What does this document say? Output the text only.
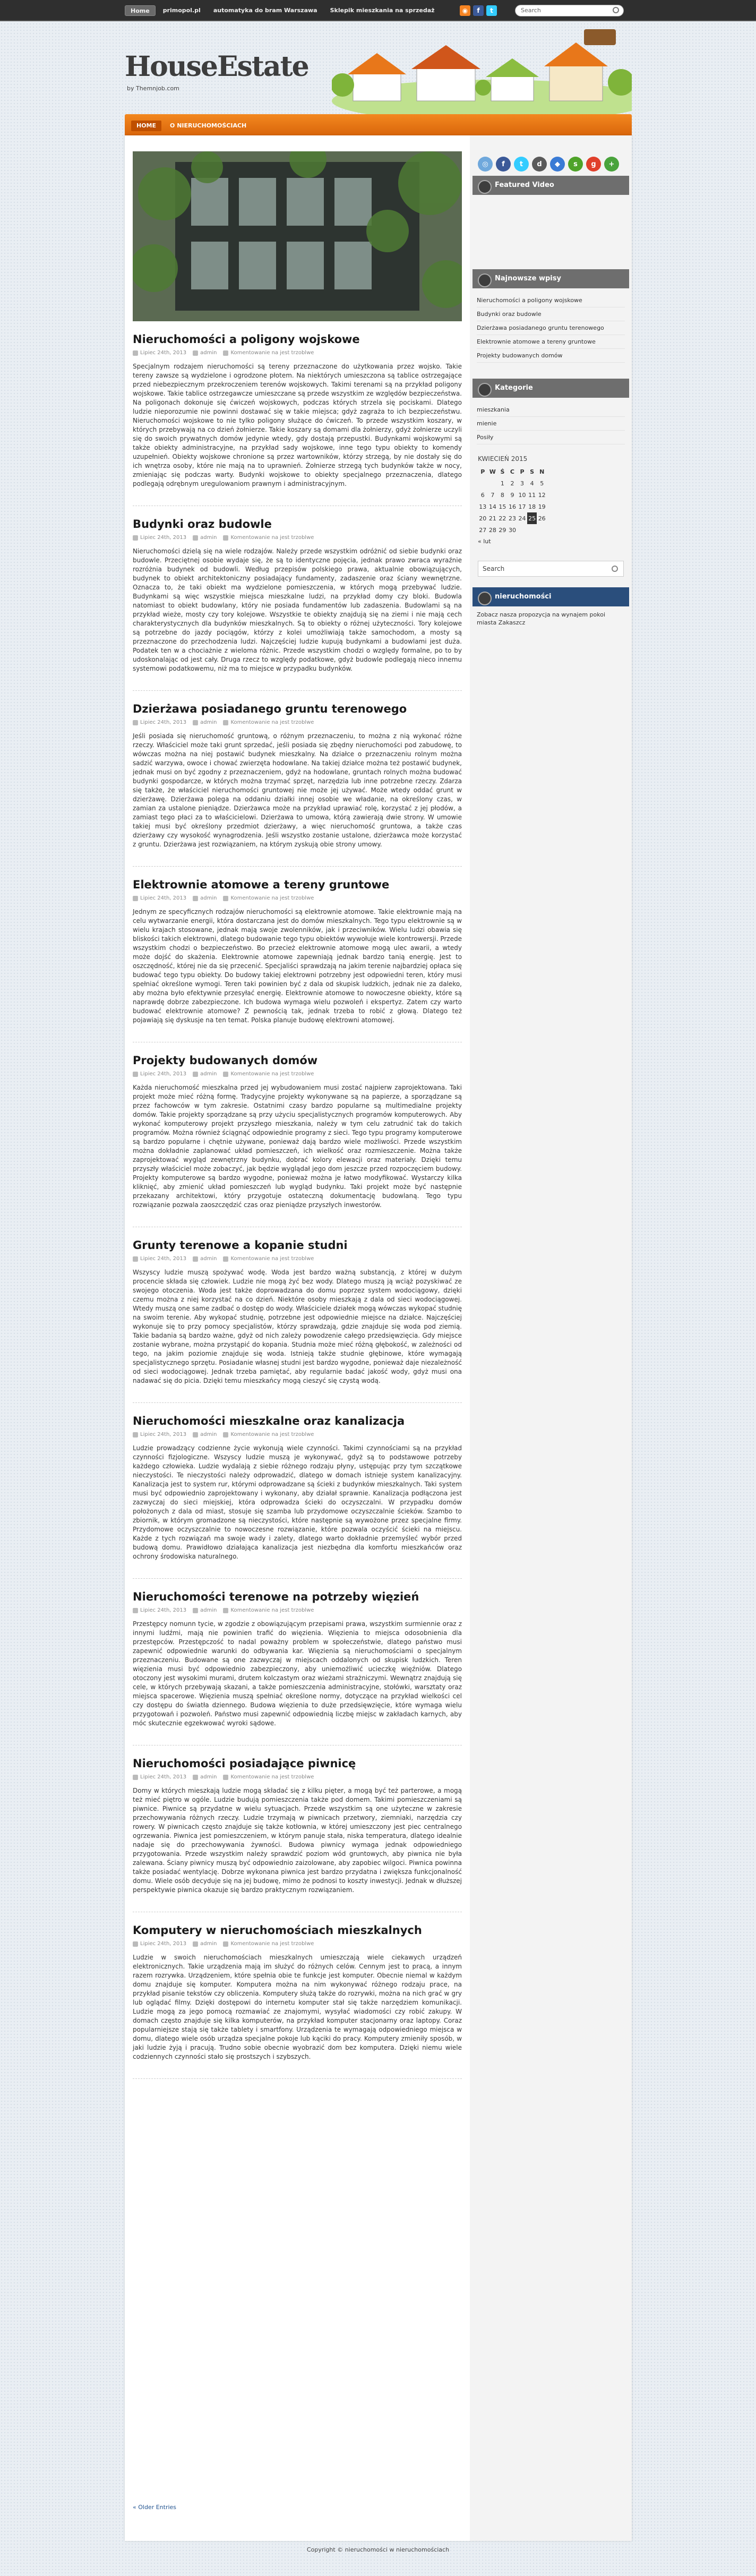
Home	primopol.pl	automatyka do bram Warszawa	Sklepik mieszkania na sprzedaż	◉	f	t	Search
HouseEstate
by Themnjob.com
HOME	O NIERUCHOMOŚCIACH
Nieruchomości a poligony wojskowe
Lipiec 24th, 2013	admin	Komentowanie na jest trzoblwe

Specjalnym rodzajem nieruchomości są tereny przeznaczone do użytkowania przez wojsko. Takie tereny zawsze są wydzielone i ogrodzone płotem. Na niektórych umieszczona są tablice ostrzegające przed niebezpiecznym przekroczeniem terenów wojskowych. Takimi terenami są na przykład poligony wojskowe. Takie tablice ostrzegawcze umieszczane są przede wszystkim ze względów bezpieczeństwa. Na poligonach dokonuje się ćwiczeń wojskowych, podczas których strzela się pociskami. Dlatego ludzie nieporozumie nie powinni dostawać się w takie miejsca; gdyż zagraża to ich bezpieczeństwu. Nieruchomości wojskowe to nie tylko poligony służące do ćwiczeń. To przede wszystkim koszary, w których przebywają na co dzień żołnierze. Takie koszary są domami dla żołnierzy, gdyż żołnierze uczyli się do swoich prywatnych domów jedynie wtedy, gdy dostają przepustki. Budynkami wojskowymi są także obiekty administracyjne, na przykład sady wojskowe, inne tego typu obiekty to komendy uzupełnień. Obiekty wojskowe chronione są przez wartowników, którzy strzegą, by nie dostały się do ich wnętrza osoby, które nie mają na to uprawnień. Żołnierze strzegą tych budynków także w nocy, zmieniając się podczas warty. Budynki wojskowe to obiekty specjalnego przeznaczenia, dlatego podlegają odrębnym uregulowaniom prawnym i administracyjnym.

Budynki oraz budowle
Lipiec 24th, 2013	admin	Komentowanie na jest trzoblwe

Nieruchomości dzielą się na wiele rodzajów. Należy przede wszystkim odróżnić od siebie budynki oraz budowle. Przeciętnej osobie wydaje się, że są to identyczne pojęcia, jednak prawo zwraca wyraźnie rozróżnia budynek od budowli. Według przepisów polskiego prawa, aktualnie obowiązujących, budynek to obiekt architektoniczny posiadający fundamenty, zadaszenie oraz ściany wewnętrzne. Oznacza to, że taki obiekt ma wydzielone pomieszczenia, w których mogą przebywać ludzie. Budynkami są więc wszystkie miejsca mieszkalne ludzi, na przykład domy czy bloki. Budowla natomiast to obiekt budowlany, który nie posiada fundamentów lub zadaszenia. Budowlami są na przykład wieże, mosty czy tory kolejowe. Wszystkie te obiekty znajdują się na ziemi i nie mają cech charakterystycznych dla budynków mieszkalnych. Są to obiekty o różnej użyteczności. Tory kolejowe są potrzebne do jazdy pociągów, którzy z kolei umożliwiają także samochodom, a mosty są przeznaczone do przechodzenia ludzi. Najczęściej ludzie kupują budynkami a budowlami jest duża. Podatek ten w a chociażnie z wieloma różnic. Przede wszystkim chodzi o względy formalne, po to by udoskonalając od jest cały. Druga rzecz to względy podatkowe, gdyż budowle podlegają nieco innemu systemowi podatkowemu, niż ma to miejsce w przypadku budynków.

Dzierżawa posiadanego gruntu terenowego
Lipiec 24th, 2013	admin	Komentowanie na jest trzoblwe

Jeśli posiada się nieruchomość gruntową, o różnym przeznaczeniu, to można z nią wykonać różne rzeczy. Właściciel może taki grunt sprzedać, jeśli posiada się zbędny nieruchomości pod zabudowę, to wówczas można na niej postawić budynek mieszkalny. Na działce o przeznaczeniu rolnym można sadzić warzywa, owoce i chować zwierzęta hodowlane. Na takiej działce można też postawić budynek, jednak musi on być zgodny z przeznaczeniem, gdyż na hodowlane, gruntach rolnych można budować budynki gospodarcze, w których można trzymać sprzęt, narzędzia lub inne potrzebne rzeczy. Zdarza się także, że właściciel nieruchomości gruntowej nie może jej używać. Może wtedy oddać grunt w dzierżawę. Dzierżawa polega na oddaniu działki innej osobie we władanie, na określony czas, w zamian za ustalone pieniądze. Dzierżawca może na przykład uprawiać rolę, korzystać z jej płodów, a zamiast tego płaci za to właścicielowi. Dzierżawa to umowa, którą zawierają dwie strony. W umowie takiej musi być określony przedmiot dzierżawy, a więc nieruchomość gruntowa, a także czas dzierżawy czy wysokość wynagrodzenia. Jeśli wszystko zostanie ustalone, dzierżawca może korzystać z gruntu. Dzierżawa jest rozwiązaniem, na którym zyskują obie strony umowy.

Elektrownie atomowe a tereny gruntowe
Lipiec 24th, 2013	admin	Komentowanie na jest trzoblwe

Jednym ze specyficznych rodzajów nieruchomości są elektrownie atomowe. Takie elektrownie mają na celu wytwarzanie energii, która dostarczana jest do domów mieszkalnych. Tego typu elektrownie są w wielu krajach stosowane, jednak mają swoje zwolenników, jak i przeciwników. Wielu ludzi obawia się bliskości takich elektrowni, dlatego budowanie tego typu obiektów wywołuje wiele kontrowersji. Przede wszystkim chodzi o bezpieczeństwo. Bo przecież elektrownie atomowe mogą ulec awarii, a wtedy może dojść do skażenia. Elektrownie atomowe zapewniają jednak bardzo tanią energię. Jest to oszczędność, której nie da się przecenić. Specjaliści sprawdzają na jakim terenie najbardziej opłaca się budować tego typu obiekty. Do budowy takiej elektrowni potrzebny jest odpowiedni teren, który musi spełniać określone wymogi. Teren taki powinien być z dala od skupisk ludzkich, jednak nie za daleko, aby można było efektywnie przesyłać energię. Elektrownie atomowe to nowoczesne obiekty, które są naprawdę dobrze zabezpieczone. Ich budowa wymaga wielu pozwoleń i ekspertyz. Zatem czy warto budować elektrownie atomowe? Z pewnością tak, jednak trzeba to robić z głową. Dlatego też pojawiają się dyskusje na ten temat. Polska planuje budowę elektrowni atomowej.

Projekty budowanych domów
Lipiec 24th, 2013	admin	Komentowanie na jest trzoblwe

Każda nieruchomość mieszkalna przed jej wybudowaniem musi zostać najpierw zaprojektowana. Taki projekt może mieć różną formę. Tradycyjne projekty wykonywane są na papierze, a sporządzane są przez fachowców w tym zakresie. Ostatnimi czasy bardzo popularne są multimedialne projekty domów. Takie projekty sporządzane są przy użyciu specjalistycznych programów komputerowych. Aby wykonać komputerowy projekt przyszłego mieszkania, należy w tym celu zatrudnić tak do takich programów. Można również ściągnąć odpowiednie programy z sieci. Tego typu programy komputerowe są bardzo popularne i chętnie używane, ponieważ dają bardzo wiele możliwości. Przede wszystkim można dokładnie zaplanować układ pomieszczeń, ich wielkość oraz rozmieszczenie. Można także zaprojektować wygląd zewnętrzny budynku, dobrać kolory elewacji oraz materiały. Dzięki temu przyszły właściciel może zobaczyć, jak będzie wyglądał jego dom jeszcze przed rozpoczęciem budowy. Projekty komputerowe są bardzo wygodne, ponieważ można je łatwo modyfikować. Wystarczy kilka kliknięć, aby zmienić układ pomieszczeń lub wygląd budynku. Taki projekt może być następnie przekazany architektowi, który przygotuje ostateczną dokumentację budowlaną. Tego typu rozwiązanie pozwala zaoszczędzić czas oraz pieniądze przyszłych inwestorów.

Grunty terenowe a kopanie studni
Lipiec 24th, 2013	admin	Komentowanie na jest trzoblwe

Wszyscy ludzie muszą spożywać wodę. Woda jest bardzo ważną substancją, z której w dużym procencie składa się człowiek. Ludzie nie mogą żyć bez wody. Dlatego muszą ją wciąż pozyskiwać ze swojego otoczenia. Woda jest także doprowadzana do domu poprzez system wodociągowy, dzięki czemu można z niej korzystać na co dzień. Niektóre osoby mieszkają z dala od sieci wodociągowej. Wtedy muszą one same zadbać o dostęp do wody. Właściciele działek mogą wówczas wykopać studnię na swoim terenie. Aby wykopać studnię, potrzebne jest odpowiednie miejsce na działce. Najczęściej wykonuje się to przy pomocy specjalistów, którzy sprawdzają, gdzie znajduje się woda pod ziemią. Takie badania są bardzo ważne, gdyż od nich zależy powodzenie całego przedsięwzięcia. Gdy miejsce zostanie wybrane, można przystąpić do kopania. Studnia może mieć różną głębokość, w zależności od tego, na jakim poziomie znajduje się woda. Istnieją także studnie głębinowe, które wymagają specjalistycznego sprzętu. Posiadanie własnej studni jest bardzo wygodne, ponieważ daje niezależność od sieci wodociągowej. Jednak trzeba pamiętać, aby regularnie badać jakość wody, gdyż musi ona nadawać się do picia. Dzięki temu mieszkańcy mogą cieszyć się czystą wodą.

Nieruchomości mieszkalne oraz kanalizacja
Lipiec 24th, 2013	admin	Komentowanie na jest trzoblwe

Ludzie prowadzący codzienne życie wykonują wiele czynności. Takimi czynnościami są na przykład czynności fizjologiczne. Wszyscy ludzie muszą je wykonywać, gdyż są to podstawowe potrzeby każdego człowieka. Ludzie wydalają z siebie różnego rodzaju płyny, ustępując przy tym szczątkowe nieczystości. Te nieczystości należy odprowadzić, dlatego w domach istnieje system kanalizacyjny. Kanalizacja jest to system rur, którymi odprowadzane są ścieki z budynków mieszkalnych. Taki system musi być odpowiednio zaprojektowany i wykonany, aby działał sprawnie. Kanalizacja podłączona jest zazwyczaj do sieci miejskiej, która odprowadza ścieki do oczyszczalni. W przypadku domów położonych z dala od miast, stosuje się szamba lub przydomowe oczyszczalnie ścieków. Szambo to zbiornik, w którym gromadzone są nieczystości, które następnie są wywożone przez specjalne firmy. Przydomowe oczyszczalnie to nowoczesne rozwiązanie, które pozwala oczyścić ścieki na miejscu. Każde z tych rozwiązań ma swoje wady i zalety, dlatego warto dokładnie przemyśleć wybór przed budową domu. Prawidłowo działająca kanalizacja jest niezbędna dla komfortu mieszkańców oraz ochrony środowiska naturalnego.

Nieruchomości terenowe na potrzeby więzień
Lipiec 24th, 2013	admin	Komentowanie na jest trzoblwe

Przestępcy nomunn tycie, w zgodzie z obowiązującym przepisami prawa, wszystkim surmiennie oraz z innymi ludźmi, mają nie powinien trafić do więzienia. Więzienia to miejsca odosobnienia dla przestępców. Przestępczość to nadal poważny problem w społeczeństwie, dlatego państwo musi zapewnić odpowiednie warunki do odbywania kar. Więzienia są nieruchomościami o specjalnym przeznaczeniu. Budowane są one zazwyczaj w miejscach oddalonych od skupisk ludzkich. Teren więzienia musi być odpowiednio zabezpieczony, aby uniemożliwić ucieczkę więźniów. Dlatego otoczony jest wysokimi murami, drutem kolczastym oraz wieżami strażniczymi. Wewnątrz znajdują się cele, w których przebywają skazani, a także pomieszczenia administracyjne, stołówki, warsztaty oraz miejsca spacerowe. Więzienia muszą spełniać określone normy, dotyczące na przykład wielkości cel czy dostępu do światła dziennego. Budowa więzienia to duże przedsięwzięcie, które wymaga wielu przygotowań i pozwoleń. Państwo musi zapewnić odpowiednią liczbę miejsc w zakładach karnych, aby móc skutecznie egzekwować wyroki sądowe.

Nieruchomości posiadające piwnicę
Lipiec 24th, 2013	admin	Komentowanie na jest trzoblwe

Domy w których mieszkają ludzie mogą składać się z kilku pięter, a mogą być też parterowe, a mogą też mieć piętro w ogóle. Ludzie budują pomieszczenia także pod domem. Takimi pomieszczeniami są piwnice. Piwnice są przydatne w wielu sytuacjach. Przede wszystkim są one użyteczne w zakresie przechowywania różnych rzeczy. Ludzie trzymają w piwnicach przetwory, ziemniaki, narzędzia czy rowery. W piwnicach często znajduje się także kotłownia, w której umieszczony jest piec centralnego ogrzewania. Piwnica jest pomieszczeniem, w którym panuje stała, niska temperatura, dlatego idealnie nadaje się do przechowywania żywności. Budowa piwnicy wymaga jednak odpowiedniego przygotowania. Przede wszystkim należy sprawdzić poziom wód gruntowych, aby piwnica nie była zalewana. Ściany piwnicy muszą być odpowiednio zaizolowane, aby zapobiec wilgoci. Piwnica powinna także posiadać wentylację. Dobrze wykonana piwnica jest bardzo przydatna i zwiększa funkcjonalność domu. Wiele osób decyduje się na jej budowę, mimo że podnosi to koszty inwestycji. Jednak w dłuższej perspektywie piwnica okazuje się bardzo praktycznym rozwiązaniem.

Komputery w nieruchomościach mieszkalnych
Lipiec 24th, 2013	admin	Komentowanie na jest trzoblwe

Ludzie w swoich nieruchomościach mieszkalnych umieszczają wiele ciekawych urządzeń elektronicznych. Takie urządzenia mają im służyć do różnych celów. Cennym jest to pracą, a innym razem rozrywka. Urządzeniem, które spełnia obie te funkcje jest komputer. Obecnie niemal w każdym domu znajduje się komputer. Komputera można na nim wykonywać różnego rodzaju prace, na przykład pisanie tekstów czy obliczenia. Komputery służą także do rozrywki, można na nich grać w gry lub oglądać filmy. Dzięki dostępowi do internetu komputer stał się także narzędziem komunikacji. Ludzie mogą za jego pomocą rozmawiać ze znajomymi, wysyłać wiadomości czy robić zakupy. W domach często znajduje się kilka komputerów, na przykład komputer stacjonarny oraz laptopy. Coraz popularniejsze stają się także tablety i smartfony. Urządzenia te wymagają odpowiedniego miejsca w domu, dlatego wiele osób urządza specjalne pokoje lub kąciki do pracy. Komputery zmieniły sposób, w jaki ludzie żyją i pracują. Trudno sobie obecnie wyobrazić dom bez komputera. Dzięki niemu wiele codziennych czynności stało się prostszych i szybszych.

« Older Entries
◎	f	t	d	◆	s	g	+
Featured Video
Najnowsze wpisy
Nieruchomości a poligony wojskowe
Budynki oraz budowle
Dzierżawa posiadanego gruntu terenowego
Elektrownie atomowe a tereny gruntowe
Projekty budowanych domów
Kategorie
mieszkania
mienie
Posiły
KWIECIEŃ 2015
P	W	Ś	C	P	S	N
		1	2	3	4	5
6	7	8	9	10	11	12
13	14	15	16	17	18	19
20	21	22	23	24	25	26
27	28	29	30			
« lut
Search
nieruchomości
Zobacz nasza propozycja na wynajem pokoi miasta Zakaszcz
Copyright © nieruchomości w nieruchomościach
